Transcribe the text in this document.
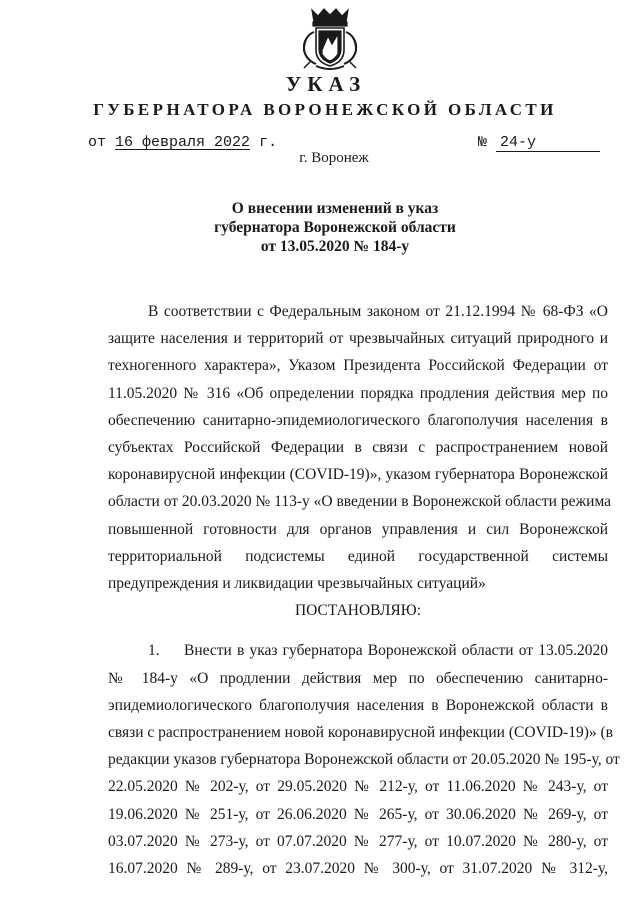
УКАЗ
ГУБЕРНАТОРА ВОРОНЕЖСКОЙ ОБЛАСТИ
от 16 февраля 2022 г.	№ 24-у
г. Воронеж
О внесении изменений в указ
губернатора Воронежской области
от 13.05.2020 № 184-у
В соответствии с Федеральным законом от 21.12.1994 № 68-ФЗ «О
защите населения и территорий от чрезвычайных ситуаций природного и
техногенного характера», Указом Президента Российской Федерации от
11.05.2020 № 316 «Об определении порядка продления действия мер по
обеспечению санитарно-эпидемиологического благополучия населения в
субъектах Российской Федерации в связи с распространением новой
коронавирусной инфекции (COVID-19)», указом губернатора Воронежской
области от 20.03.2020 № 113-у «О введении в Воронежской области режима
повышенной готовности для органов управления и сил Воронежской
территориальной подсистемы единой государственной системы
предупреждения и ликвидации чрезвычайных ситуаций»
ПОСТАНОВЛЯЮ:
1. Внести в указ губернатора Воронежской области от 13.05.2020
№ 184-у «О продлении действия мер по обеспечению санитарно-
эпидемиологического благополучия населения в Воронежской области в
связи с распространением новой коронавирусной инфекции (COVID-19)» (в
редакции указов губернатора Воронежской области от 20.05.2020 № 195-у, от
22.05.2020 № 202-у, от 29.05.2020 № 212-у, от 11.06.2020 № 243-у, от
19.06.2020 № 251-у, от 26.06.2020 № 265-у, от 30.06.2020 № 269-у, от
03.07.2020 № 273-у, от 07.07.2020 № 277-у, от 10.07.2020 № 280-у, от
16.07.2020 № 289-у, от 23.07.2020 № 300-у, от 31.07.2020 № 312-у,
